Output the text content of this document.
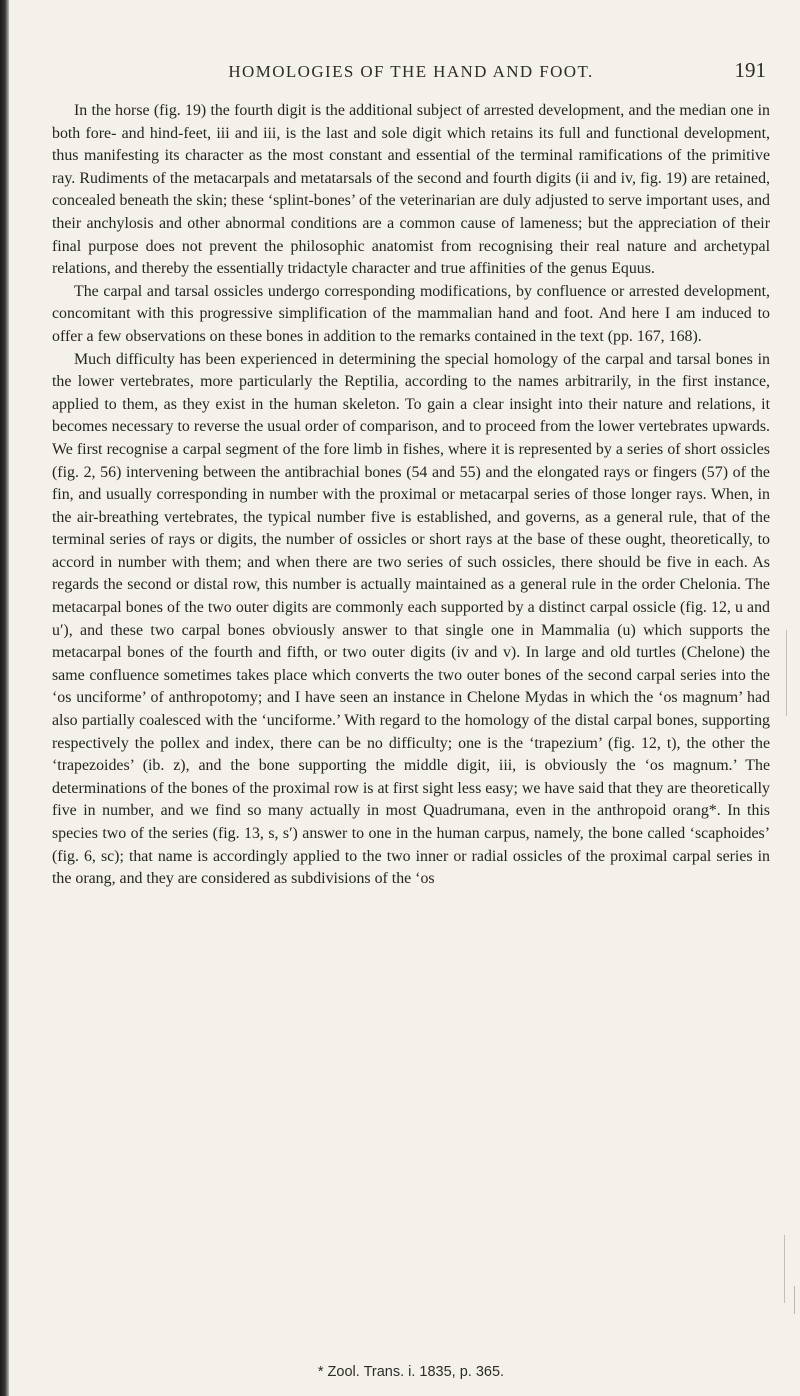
HOMOLOGIES OF THE HAND AND FOOT.	191

In the horse (fig. 19) the fourth digit is the additional subject of arrested development, and the median one in both fore- and hind-feet, iii and iii, is the last and sole digit which retains its full and functional development, thus manifesting its character as the most constant and essential of the terminal ramifications of the primitive ray. Rudiments of the metacarpals and metatarsals of the second and fourth digits (ii and iv, fig. 19) are retained, concealed beneath the skin; these ‘splint-bones’ of the veterinarian are duly adjusted to serve important uses, and their anchylosis and other abnormal conditions are a common cause of lameness; but the appreciation of their final purpose does not prevent the philosophic anatomist from recognising their real nature and archetypal relations, and thereby the essentially tridactyle character and true affinities of the genus Equus.

The carpal and tarsal ossicles undergo corresponding modifications, by confluence or arrested development, concomitant with this progressive simplification of the mammalian hand and foot. And here I am induced to offer a few observations on these bones in addition to the remarks contained in the text (pp. 167, 168).

Much difficulty has been experienced in determining the special homology of the carpal and tarsal bones in the lower vertebrates, more particularly the Reptilia, according to the names arbitrarily, in the first instance, applied to them, as they exist in the human skeleton. To gain a clear insight into their nature and relations, it becomes necessary to reverse the usual order of comparison, and to proceed from the lower vertebrates upwards. We first recognise a carpal segment of the fore limb in fishes, where it is represented by a series of short ossicles (fig. 2, 56) intervening between the antibrachial bones (54 and 55) and the elongated rays or fingers (57) of the fin, and usually corresponding in number with the proximal or metacarpal series of those longer rays. When, in the air-breathing vertebrates, the typical number five is established, and governs, as a general rule, that of the terminal series of rays or digits, the number of ossicles or short rays at the base of these ought, theoretically, to accord in number with them; and when there are two series of such ossicles, there should be five in each. As regards the second or distal row, this number is actually maintained as a general rule in the order Chelonia. The metacarpal bones of the two outer digits are commonly each supported by a distinct carpal ossicle (fig. 12, u and u′), and these two carpal bones obviously answer to that single one in Mammalia (u) which supports the metacarpal bones of the fourth and fifth, or two outer digits (iv and v). In large and old turtles (Chelone) the same confluence sometimes takes place which converts the two outer bones of the second carpal series into the ‘os unciforme’ of anthropotomy; and I have seen an instance in Chelone Mydas in which the ‘os magnum’ had also partially coalesced with the ‘unciforme.’ With regard to the homology of the distal carpal bones, supporting respectively the pollex and index, there can be no difficulty; one is the ‘trapezium’ (fig. 12, t), the other the ‘trapezoides’ (ib. z), and the bone supporting the middle digit, iii, is obviously the ‘os magnum.’ The determinations of the bones of the proximal row is at first sight less easy; we have said that they are theoretically five in number, and we find so many actually in most Quadrumana, even in the anthropoid orang*. In this species two of the series (fig. 13, s, s′) answer to one in the human carpus, namely, the bone called ‘scaphoides’ (fig. 6, sc); that name is accordingly applied to the two inner or radial ossicles of the proximal carpal series in the orang, and they are considered as subdivisions of the ‘os

* Zool. Trans. i. 1835, p. 365.
